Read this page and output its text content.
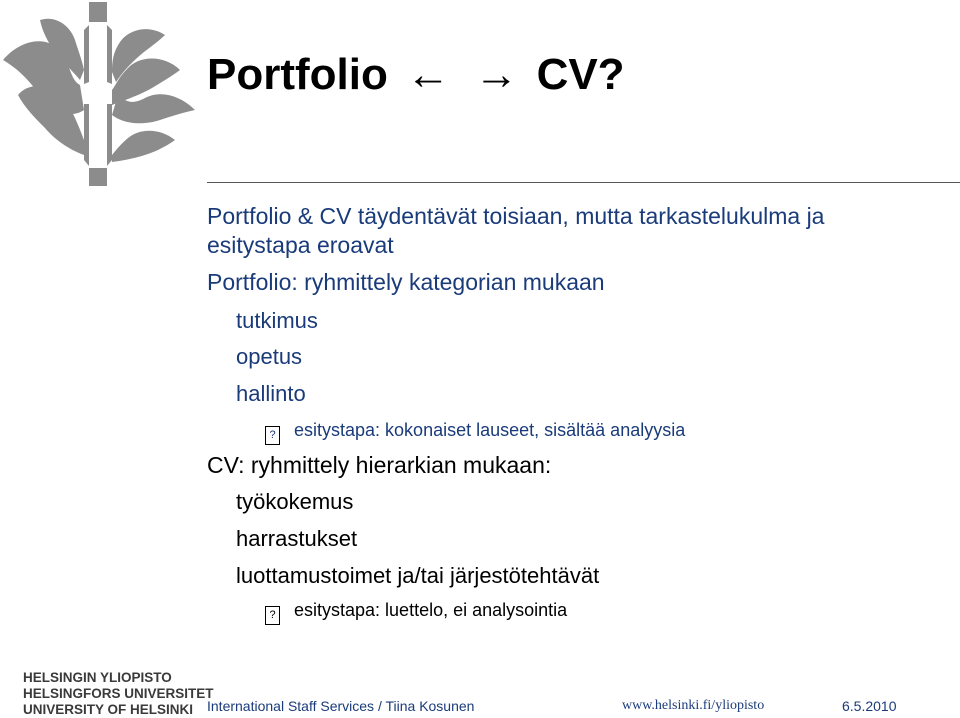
Portfolio ← → CV?
Portfolio & CV täydentävät toisiaan, mutta tarkastelukulma ja
esitystapa eroavat
Portfolio: ryhmittely kategorian mukaan
tutkimus
opetus
hallinto
? esitystapa: kokonaiset lauseet, sisältää analyysia
CV: ryhmittely hierarkian mukaan:
työkokemus
harrastukset
luottamustoimet ja/tai järjestötehtävät
? esitystapa: luettelo, ei analysointia
HELSINGIN YLIOPISTO
HELSINGFORS UNIVERSITET
UNIVERSITY OF HELSINKI International Staff Services / Tiina Kosunen	www.helsinki.fi/yliopisto	6.5.2010
